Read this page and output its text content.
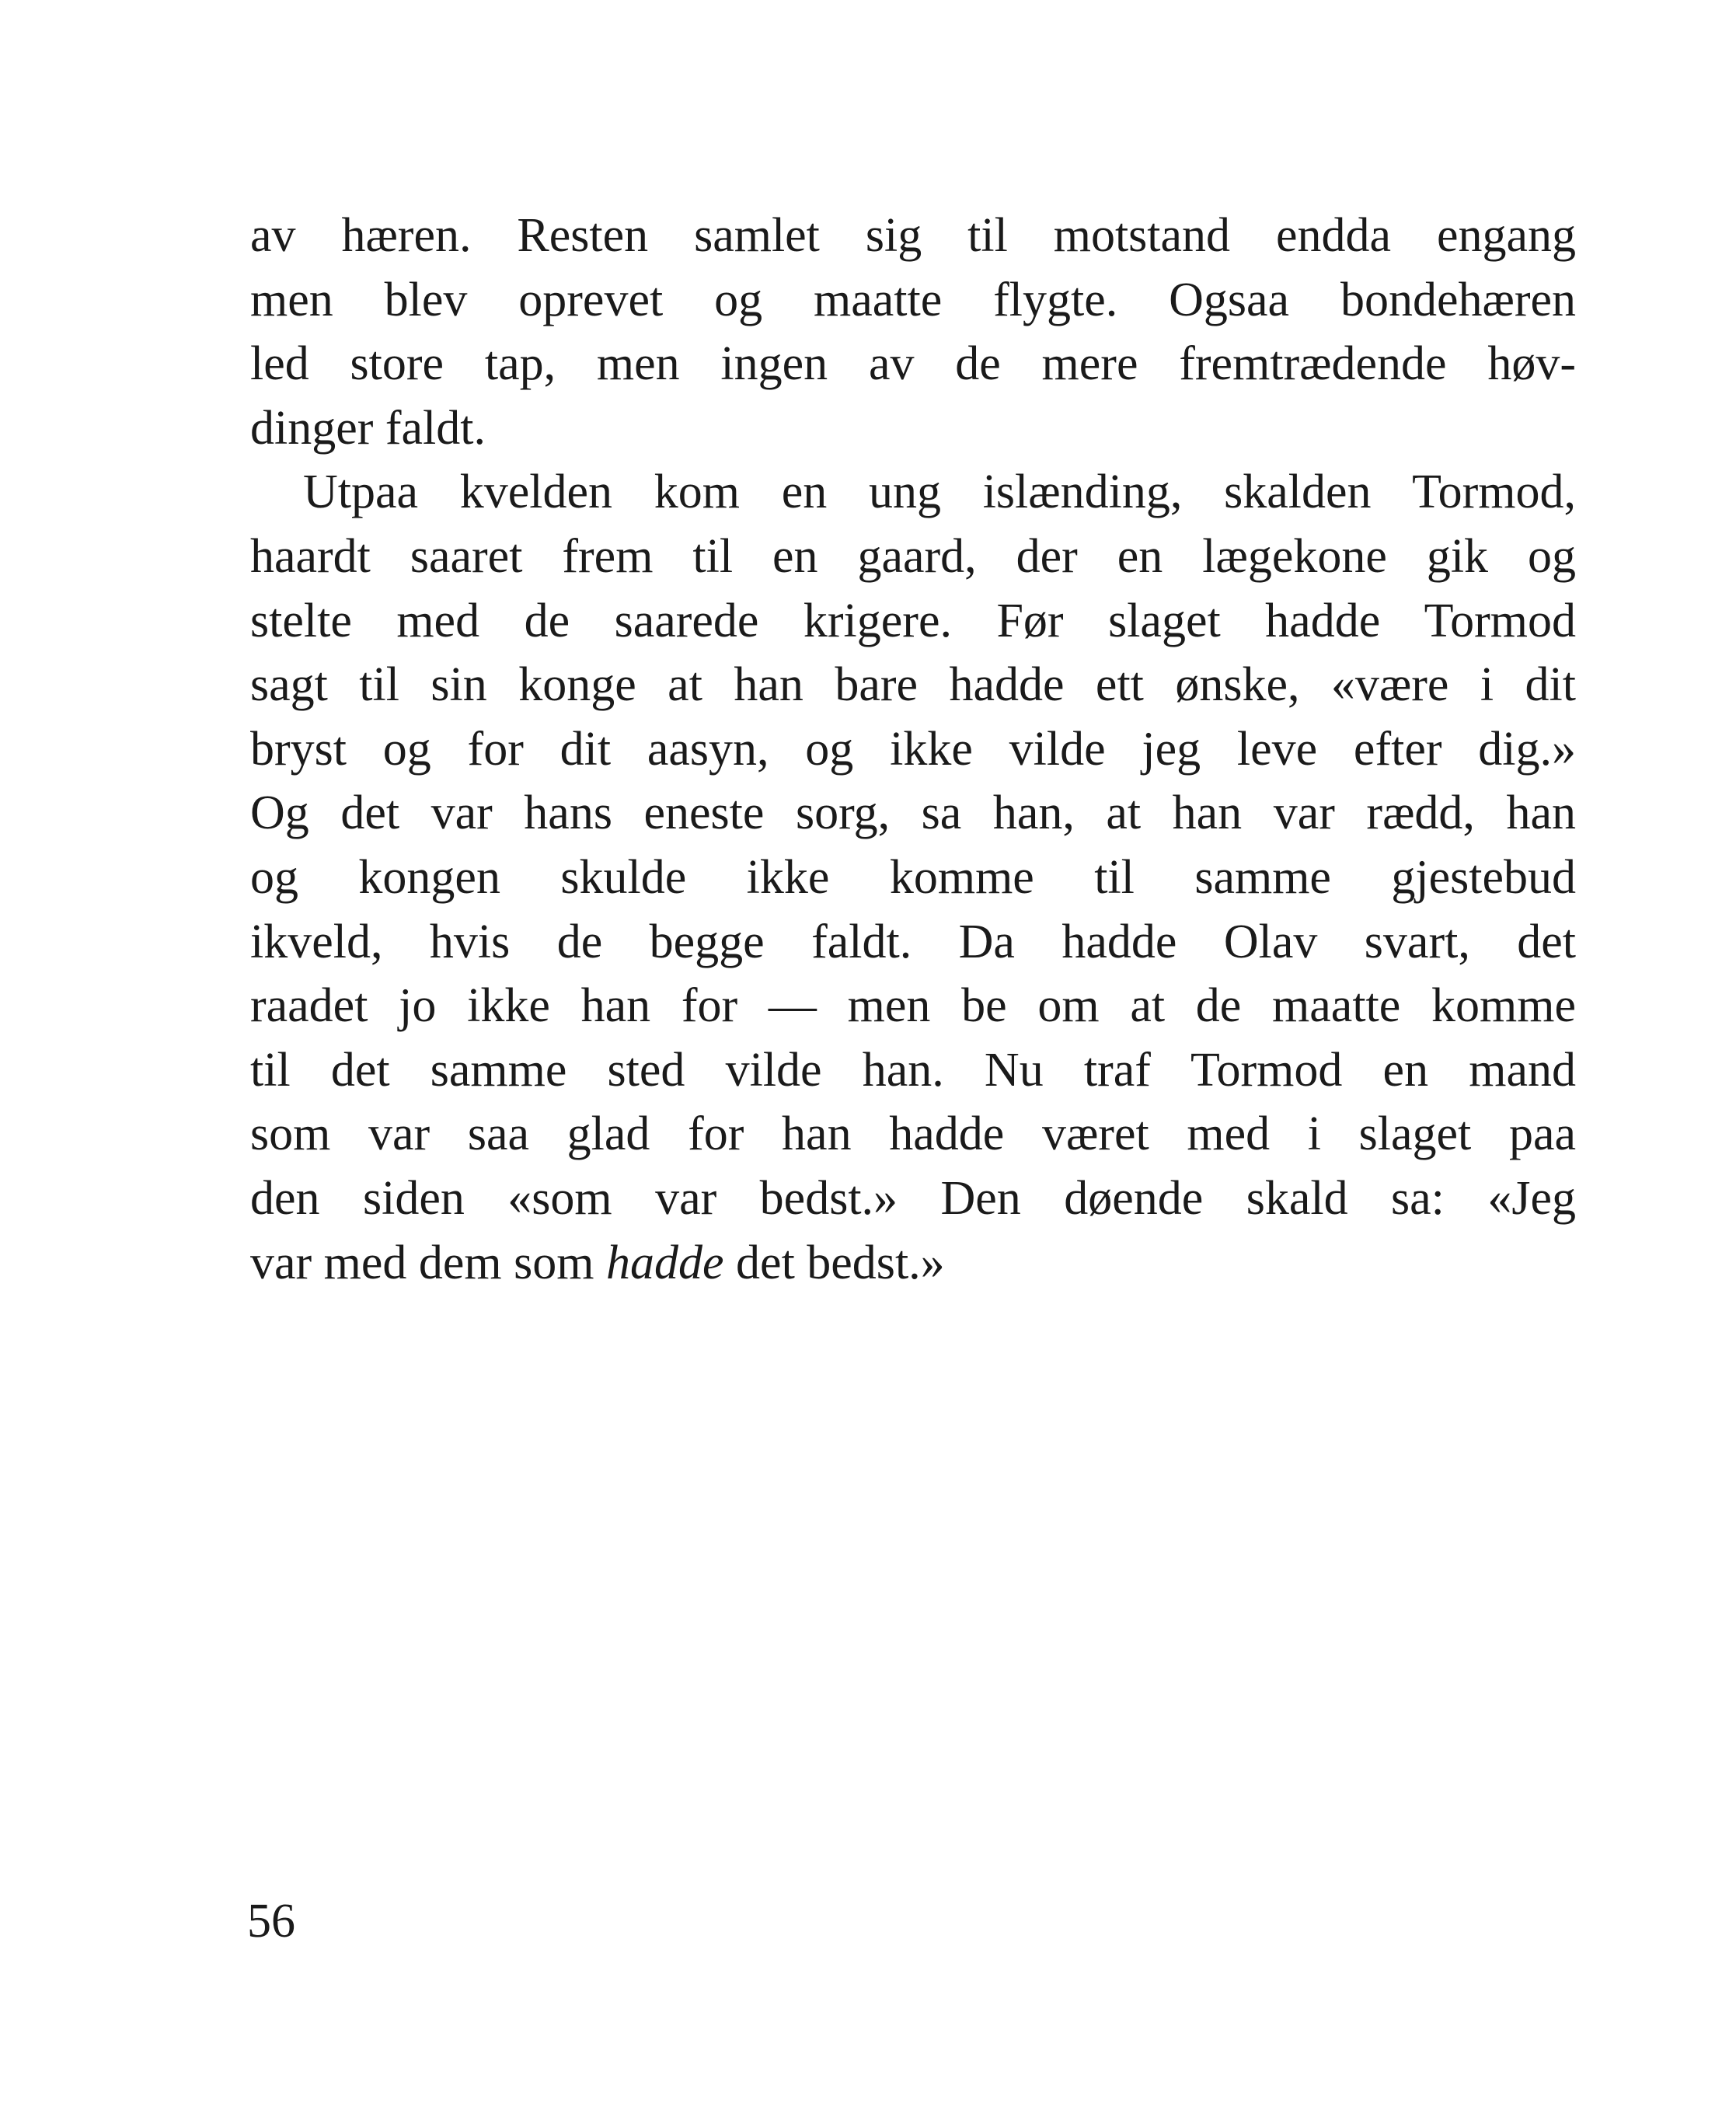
av hæren. Resten samlet sig til motstand endda engang
men blev oprevet og maatte flygte. Ogsaa bondehæren
led store tap, men ingen av de mere fremtrædende høv-
dinger faldt.
Utpaa kvelden kom en ung islænding, skalden Tormod,
haardt saaret frem til en gaard, der en lægekone gik og
stelte med de saarede krigere. Før slaget hadde Tormod
sagt til sin konge at han bare hadde ett ønske, «være i dit
bryst og for dit aasyn, og ikke vilde jeg leve efter dig.»
Og det var hans eneste sorg, sa han, at han var rædd, han
og kongen skulde ikke komme til samme gjestebud
ikveld, hvis de begge faldt. Da hadde Olav svart, det
raadet jo ikke han for — men be om at de maatte komme
til det samme sted vilde han. Nu traf Tormod en mand
som var saa glad for han hadde været med i slaget paa
den siden «som var bedst.» Den døende skald sa: «Jeg
var med dem som hadde det bedst.»
56
